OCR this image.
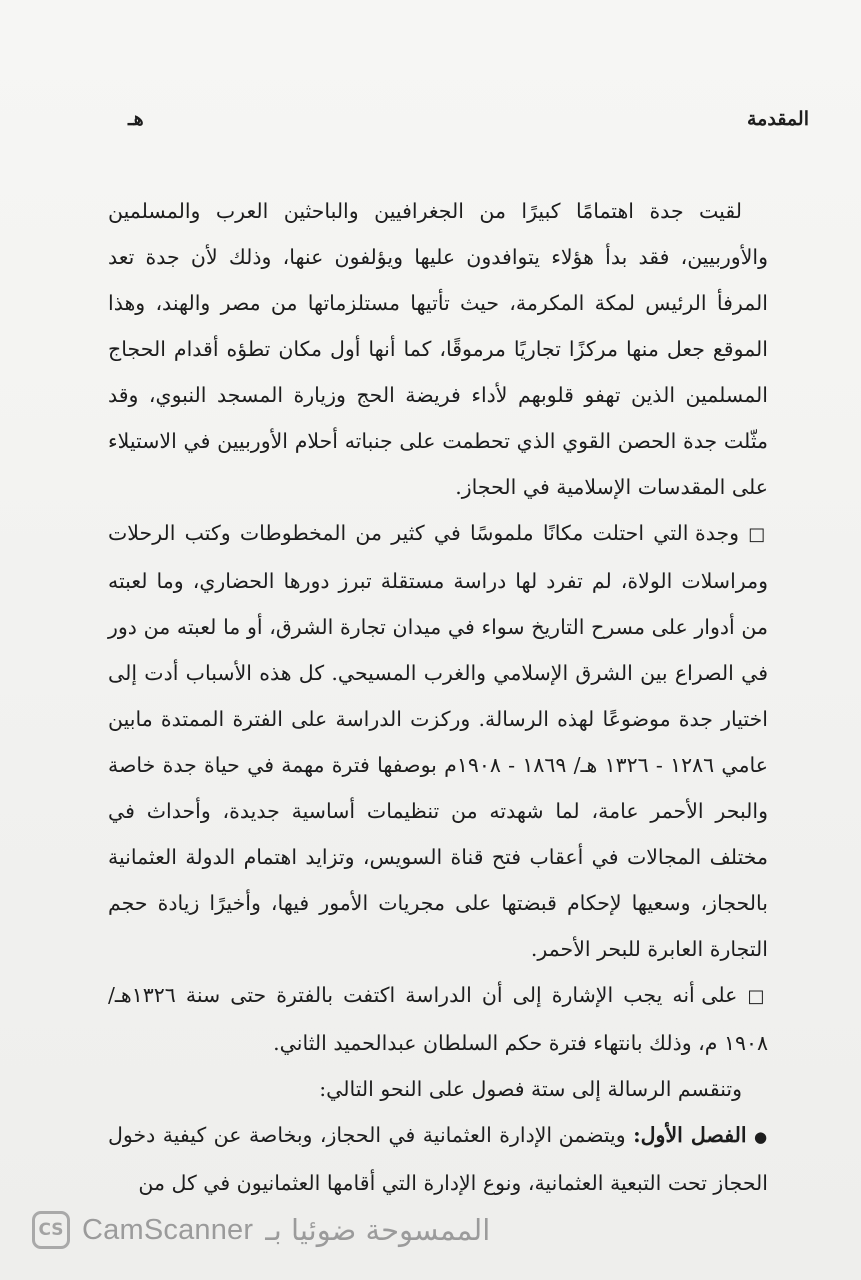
المقدمة
هـ

لقيت جدة اهتمامًا كبيرًا من الجغرافيين والباحثين العرب والمسلمين والأوربيين، فقد بدأ هؤلاء يتوافدون عليها ويؤلفون عنها، وذلك لأن جدة تعد المرفأ الرئيس لمكة المكرمة، حيث تأتيها مستلزماتها من مصر والهند، وهذا الموقع جعل منها مركزًا تجاريًا مرموقًا، كما أنها أول مكان تطؤه أقدام الحجاج المسلمين الذين تهفو قلوبهم لأداء فريضة الحج وزيارة المسجد النبوي، وقد مثّلت جدة الحصن القوي الذي تحطمت على جنباته أحلام الأوربيين في الاستيلاء على المقدسات الإسلامية في الحجاز.

□ وجدة التي احتلت مكانًا ملموسًا في كثير من المخطوطات وكتب الرحلات ومراسلات الولاة، لم تفرد لها دراسة مستقلة تبرز دورها الحضاري، وما لعبته من أدوار على مسرح التاريخ سواء في ميدان تجارة الشرق، أو ما لعبته من دور في الصراع بين الشرق الإسلامي والغرب المسيحي. كل هذه الأسباب أدت إلى اختيار جدة موضوعًا لهذه الرسالة. وركزت الدراسة على الفترة الممتدة مابين عامي ١٢٨٦ - ١٣٢٦ هـ/ ١٨٦٩ - ١٩٠٨م بوصفها فترة مهمة في حياة جدة خاصة والبحر الأحمر عامة، لما شهدته من تنظيمات أساسية جديدة، وأحداث في مختلف المجالات في أعقاب فتح قناة السويس، وتزايد اهتمام الدولة العثمانية بالحجاز، وسعيها لإحكام قبضتها على مجريات الأمور فيها، وأخيرًا زيادة حجم التجارة العابرة للبحر الأحمر.

□ على أنه يجب الإشارة إلى أن الدراسة اكتفت بالفترة حتى سنة ١٣٢٦هـ/ ١٩٠٨ م، وذلك بانتهاء فترة حكم السلطان عبدالحميد الثاني.

وتنقسم الرسالة إلى ستة فصول على النحو التالي:

● الفصل الأول: ويتضمن الإدارة العثمانية في الحجاز، وبخاصة عن كيفية دخول الحجاز تحت التبعية العثمانية، ونوع الإدارة التي أقامها العثمانيون في كل من

CS CamScanner الممسوحة ضوئيا بـ
